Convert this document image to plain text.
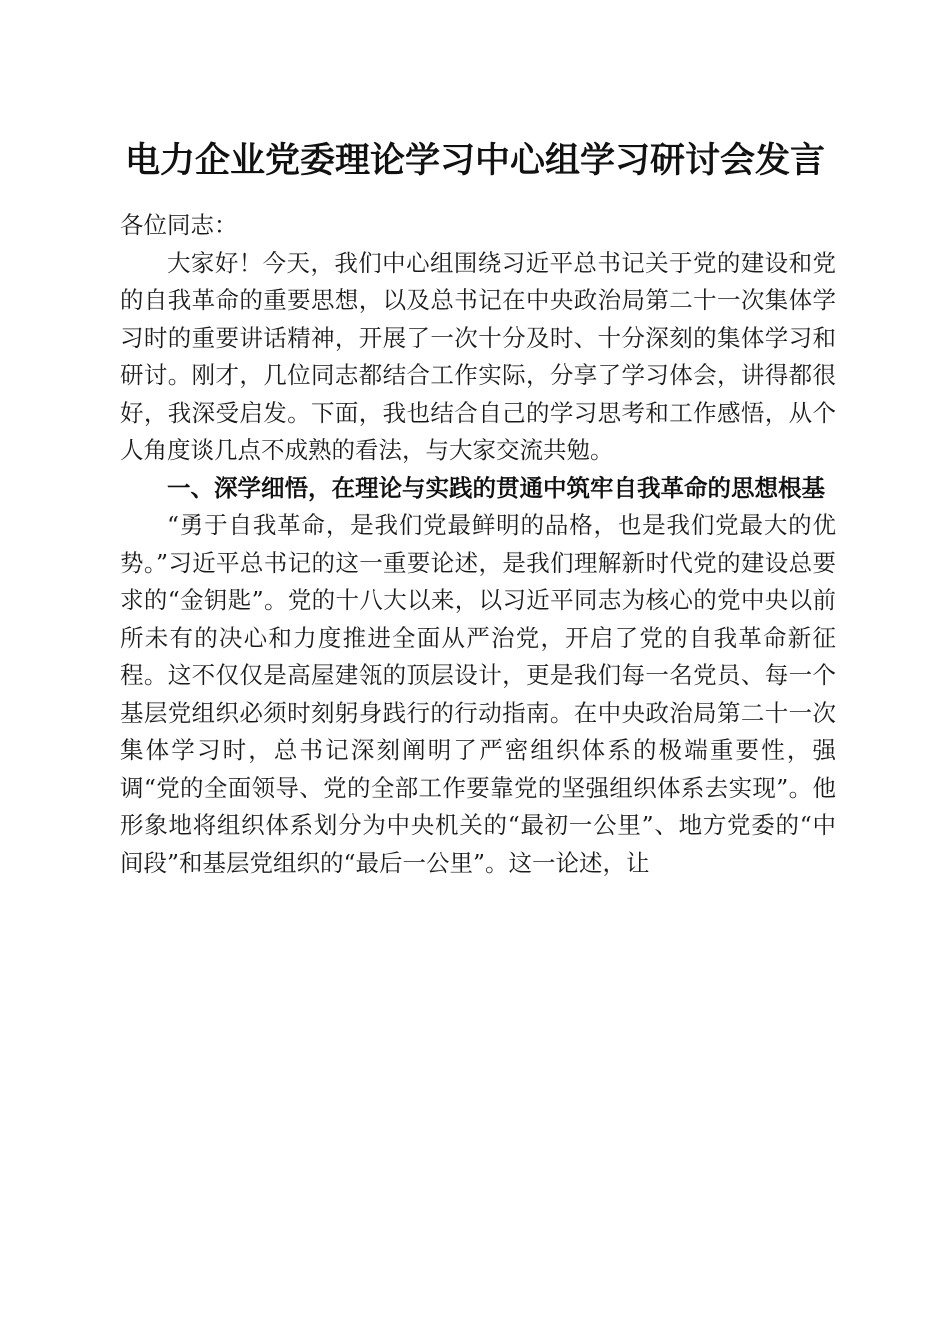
电力企业党委理论学习中心组学习研讨会发言

各位同志：

大家好！今天，我们中心组围绕习近平总书记关于党的建设和党的自我革命的重要思想，以及总书记在中央政治局第二十一次集体学习时的重要讲话精神，开展了一次十分及时、十分深刻的集体学习和研讨。刚才，几位同志都结合工作实际，分享了学习体会，讲得都很好，我深受启发。下面，我也结合自己的学习思考和工作感悟，从个人角度谈几点不成熟的看法，与大家交流共勉。

一、深学细悟，在理论与实践的贯通中筑牢自我革命的思想根基

“勇于自我革命，是我们党最鲜明的品格，也是我们党最大的优势。”习近平总书记的这一重要论述，是我们理解新时代党的建设总要求的“金钥匙”。党的十八大以来，以习近平同志为核心的党中央以前所未有的决心和力度推进全面从严治党，开启了党的自我革命新征程。这不仅仅是高屋建瓴的顶层设计，更是我们每一名党员、每一个基层党组织必须时刻躬身践行的行动指南。在中央政治局第二十一次集体学习时，总书记深刻阐明了严密组织体系的极端重要性，强调“党的全面领导、党的全部工作要靠党的坚强组织体系去实现”。他形象地将组织体系划分为中央机关的“最初一公里”、地方党委的“中间段”和基层党组织的“最后一公里”。这一论述，让
